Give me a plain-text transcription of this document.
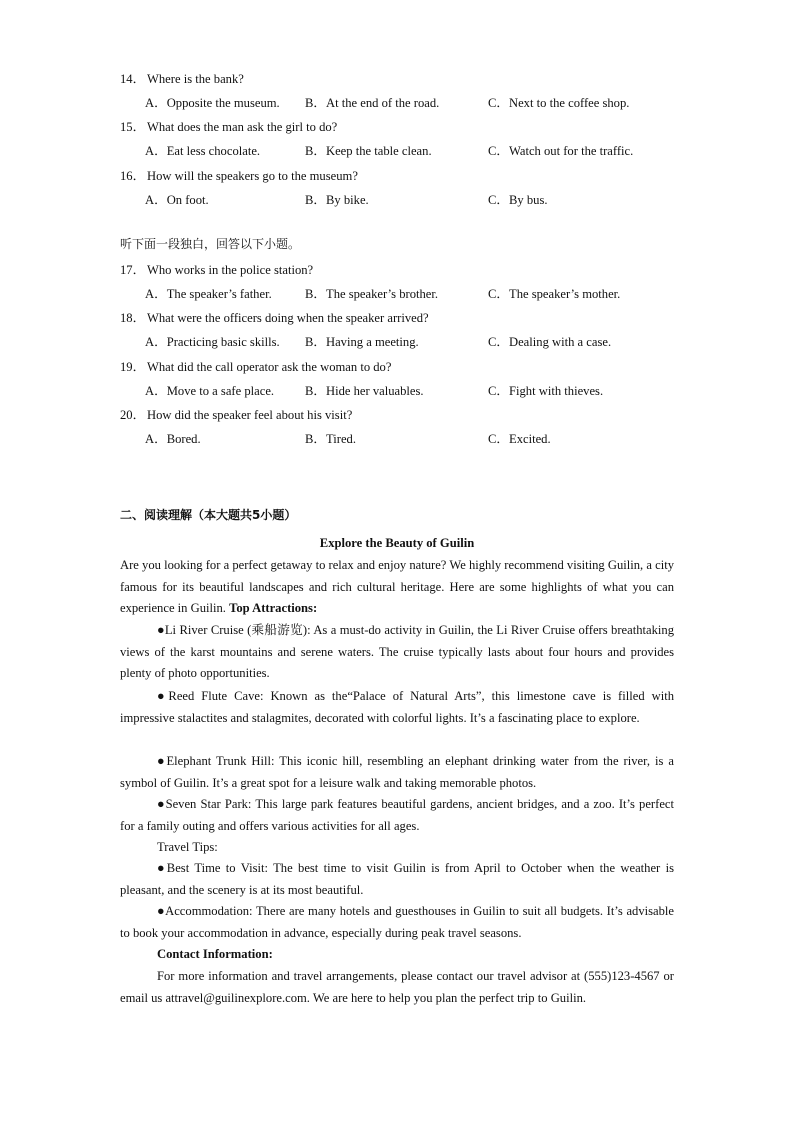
14． Where is the bank?
A．Opposite the museum. B．At the end of the road.	C．Next to the coffee shop.
15． What does the man ask the girl to do?
A．Eat less chocolate.	B．Keep the table clean.	C．Watch out for the traffic.
16． How will the speakers go to the museum?
A．On foot.	B．By bike.	C．By bus.
听下面一段独白，回答以下小题。
17． Who works in the police station?
A．The speaker’s father.	B．The speaker’s brother.	C．The speaker’s mother.
18． What were the officers doing when the speaker arrived?
A．Practicing basic skills. B．Having a meeting.	C．Dealing with a case.
19． What did the call operator ask the woman to do?
A．Move to a safe place. B．Hide her valuables.	C．Fight with thieves.
20． How did the speaker feel about his visit?
A．Bored.	B．Tired.	C．Excited.
二、阅读理解（本大题共5小题）
Explore the Beauty of Guilin
Are you looking for a perfect getaway to relax and enjoy nature? We highly recommend visiting Guilin, a city famous for its beautiful landscapes and rich cultural heritage. Here are some highlights of what you can experience in Guilin. Top Attractions:
●Li River Cruise (乘船游览): As a must-do activity in Guilin, the Li River Cruise offers breathtaking views of the karst mountains and serene waters. The cruise typically lasts about four hours and provides plenty of photo opportunities.
●Reed Flute Cave: Known as the“Palace of Natural Arts”, this limestone cave is filled with impressive stalactites and stalagmites, decorated with colorful lights. It’s a fascinating place to explore.
●Elephant Trunk Hill: This iconic hill, resembling an elephant drinking water from the river, is a symbol of Guilin. It’s a great spot for a leisure walk and taking memorable photos.
●Seven Star Park: This large park features beautiful gardens, ancient bridges, and a zoo. It’s perfect for a family outing and offers various activities for all ages.
Travel Tips:
●Best Time to Visit: The best time to visit Guilin is from April to October when the weather is pleasant, and the scenery is at its most beautiful.
●Accommodation: There are many hotels and guesthouses in Guilin to suit all budgets. It’s advisable to book your accommodation in advance, especially during peak travel seasons.
Contact Information:
For more information and travel arrangements, please contact our travel advisor at (555)123-4567 or email us attravel@guilinexplore.com. We are here to help you plan the perfect trip to Guilin.
